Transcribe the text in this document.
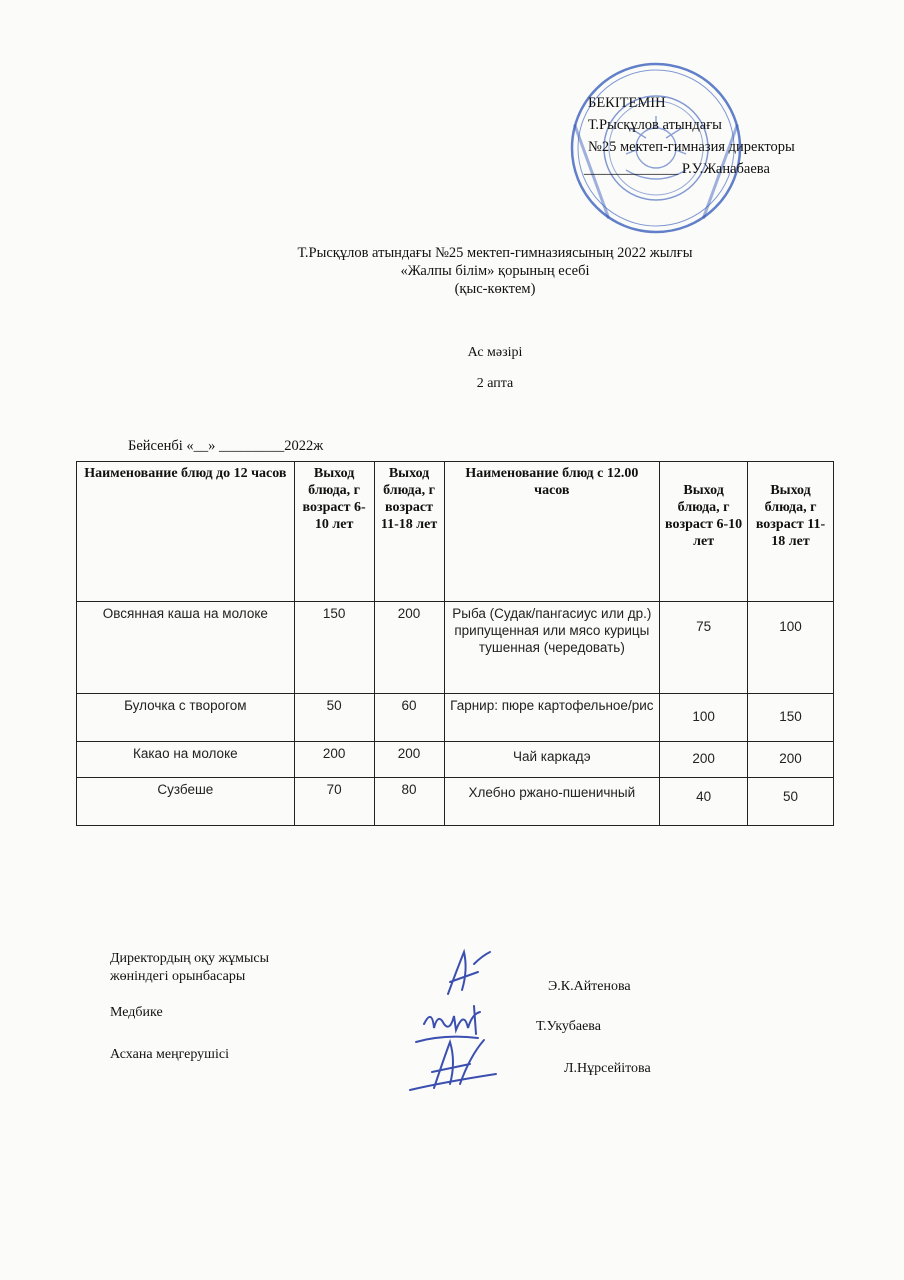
БЕКІТЕМІН
Т.Рысқұлов атындағы
№25 мектеп-гимназия директоры
_____________ Р.У.Жанабаева
Т.Рысқұлов атындағы №25 мектеп-гимназиясының 2022 жылғы
«Жалпы білім» қорының есебі
(қыс-көктем)
Ас мәзірі
2 апта
Бейсенбі «__» _________2022ж
Наименование блюд до 12 часов	Выход блюда, г возраст 6-10 лет	Выход блюда, г возраст 11-18 лет	Наименование блюд с 12.00 часов	Выход блюда, г возраст 6-10 лет	Выход блюда, г возраст 11-18 лет
Овсянная каша на молоке	150	200	Рыба (Судак/пангасиус или др.) припущенная или мясо курицы тушенная (чередовать)	75	100
Булочка с творогом	50	60	Гарнир: пюре картофельное/рис	100	150
Какао на молоке	200	200	Чай каркадэ	200	200
Сузбеше	70	80	Хлебно ржано-пшеничный	40	50
Директордың оқу жұмысы
жөніндегі орынбасары
Э.К.Айтенова
Медбике
Т.Укубаева
Асхана меңгерушісі
Л.Нұрсейітова
